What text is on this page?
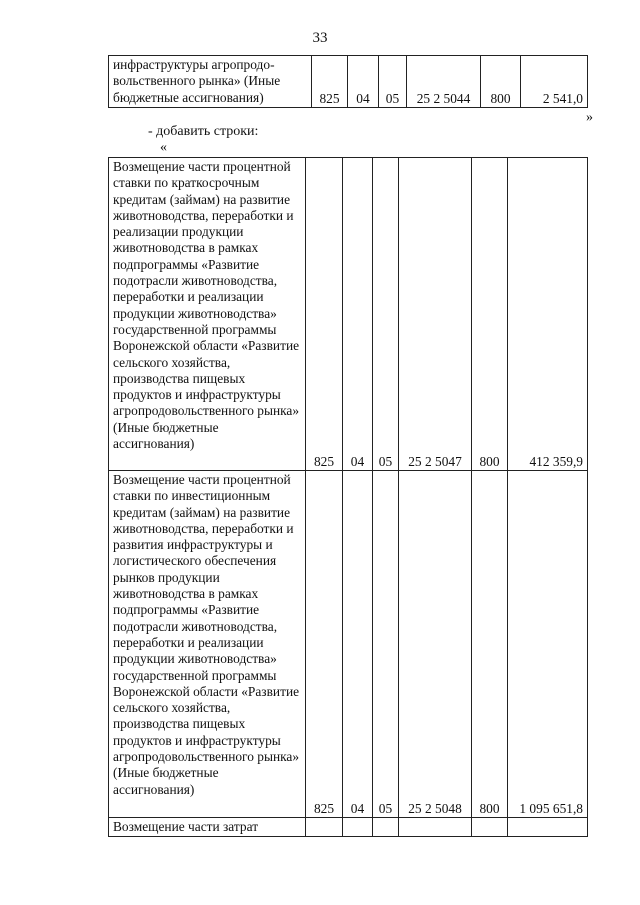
33
инфраструктуры агропродо-вольственного рынка» (Иные бюджетные ассигнования)	825	04	05	25 2 5044	800	2 541,0
»
- добавить строки:
«
Возмещение части процентной ставки по краткосрочным кредитам (займам) на развитие животноводства, переработки и реализации продукции животноводства в рамках подпрограммы «Развитие подотрасли животноводства, переработки и реализации продукции животноводства» государственной программы Воронежской области «Развитие сельского хозяйства, производства пищевых продуктов и инфраструктуры агропродовольственного рынка» (Иные бюджетные ассигнования)	825	04	05	25 2 5047	800	412 359,9
Возмещение части процентной ставки по инвестиционным кредитам (займам) на развитие животноводства, переработки и развития инфраструктуры и логистического обеспечения рынков продукции животноводства в рамках подпрограммы «Развитие подотрасли животноводства, переработки и реализации продукции животноводства» государственной программы Воронежской области «Развитие сельского хозяйства, производства пищевых продуктов и инфраструктуры агропродовольственного рынка» (Иные бюджетные ассигнования)	825	04	05	25 2 5048	800	1 095 651,8
Возмещение части затрат						
